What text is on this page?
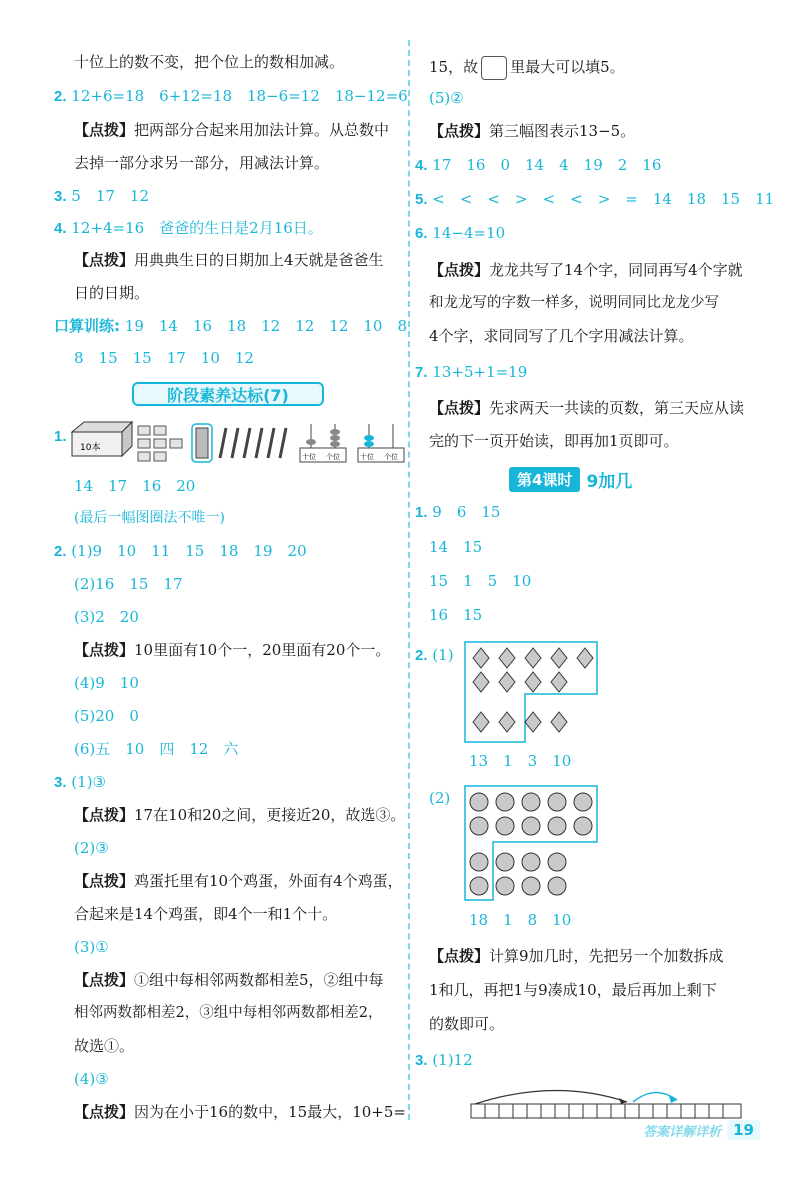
十位上的数不变，把个位上的数相加减。
2. 12+6=18　6+12=18　18−6=12　18−12=6
【点拨】把两部分合起来用加法计算。从总数中
去掉一部分求另一部分，用减法计算。
3. 5　17　12
4. 12+4=16　爸爸的生日是2月16日。
【点拨】用典典生日的日期加上4天就是爸爸生
日的日期。
口算训练: 19　14　16　18　12　12　12　10　8
8　15　15　17　10　12
阶段素养达标(7)
1.
10本
十位 个位	十位 个位
14　17　16　20
(最后一幅图圈法不唯一)
2. (1)9　10　11　15　18　19　20
(2)16　15　17
(3)2　20
【点拨】10里面有10个一，20里面有20个一。
(4)9　10
(5)20　0
(6)五　10　四　12　六
3. (1)③
【点拨】17在10和20之间，更接近20，故选③。
(2)③
【点拨】鸡蛋托里有10个鸡蛋，外面有4个鸡蛋，
合起来是14个鸡蛋，即4个一和1个十。
(3)①
【点拨】①组中每相邻两数都相差5，②组中每
相邻两数都相差2，③组中每相邻两数都相差2，
故选①。
(4)③
【点拨】因为在小于16的数中，15最大，10+5=
15，故 里最大可以填5。
(5)②
【点拨】第三幅图表示13−5。
4. 17　16　0　14　4　19　2　16
5. <　<　<　>　<　<　>　=　14　18　15　11
6. 14−4=10
【点拨】龙龙共写了14个字，同同再写4个字就
和龙龙写的字数一样多，说明同同比龙龙少写
4个字，求同同写了几个字用减法计算。
7. 13+5+1=19
【点拨】先求两天一共读的页数，第三天应从读
完的下一页开始读，即再加1页即可。
第4课时 9加几
1. 9　6　15
14　15
15　1　5　10
16　15
2. (1)
13　1　3　10
(2)
18　1　8　10
【点拨】计算9加几时，先把另一个加数拆成
1和几，再把1与9凑成10，最后再加上剩下
的数即可。
3. (1)12
答案详解详析 19
